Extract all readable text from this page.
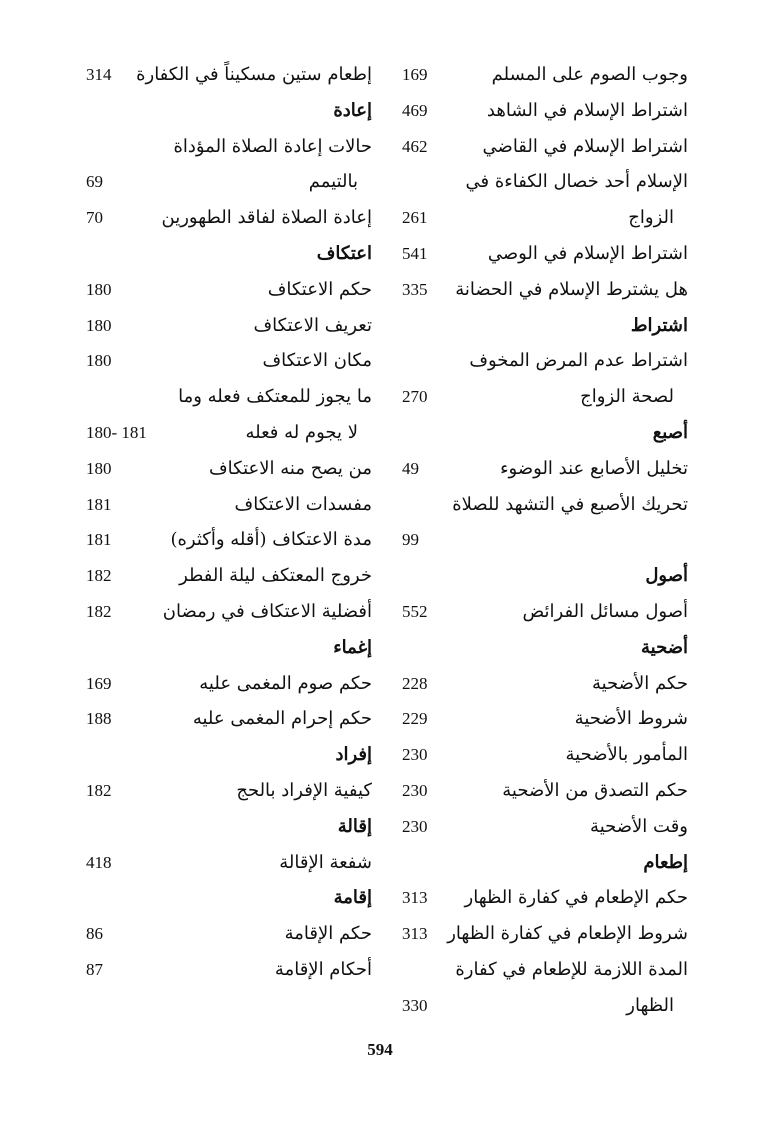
وجوب الصوم على المسلم
169
اشتراط الإسلام في الشاهد
469
اشتراط الإسلام في القاضي
462
الإسلام أحد خصال الكفاءة في
الزواج
261
اشتراط الإسلام في الوصي
541
هل يشترط الإسلام في الحضانة
335
اشتراط
اشتراط عدم المرض المخوف
لصحة الزواج
270
أصبع
تخليل الأصابع عند الوضوء
49
تحريك الأصبع في التشهد للصلاة
99
أصول
أصول مسائل الفرائض
552
أضحية
حكم الأضحية
228
شروط الأضحية
229
المأمور بالأضحية
230
حكم التصدق من الأضحية
230
وقت الأضحية
230
إطعام
حكم الإطعام في كفارة الظهار
313
شروط الإطعام في كفارة الظهار
313
المدة اللازمة للإطعام في كفارة
الظهار
330
إطعام ستين مسكيناً في الكفارة
314
إعادة
حالات إعادة الصلاة المؤداة
بالتيمم
69
إعادة الصلاة لفاقد الطهورين
70
اعتكاف
حكم الاعتكاف
180
تعريف الاعتكاف
180
مكان الاعتكاف
180
ما يجوز للمعتكف فعله وما
لا يجوم له فعله
180- 181
من يصح منه الاعتكاف
180
مفسدات الاعتكاف
181
مدة الاعتكاف (أقله وأكثره)
181
خروج المعتكف ليلة الفطر
182
أفضلية الاعتكاف في رمضان
182
إغماء
حكم صوم المغمى عليه
169
حكم إحرام المغمى عليه
188
إفراد
كيفية الإفراد بالحج
182
إقالة
شفعة الإقالة
418
إقامة
حكم الإقامة
86
أحكام الإقامة
87
594
